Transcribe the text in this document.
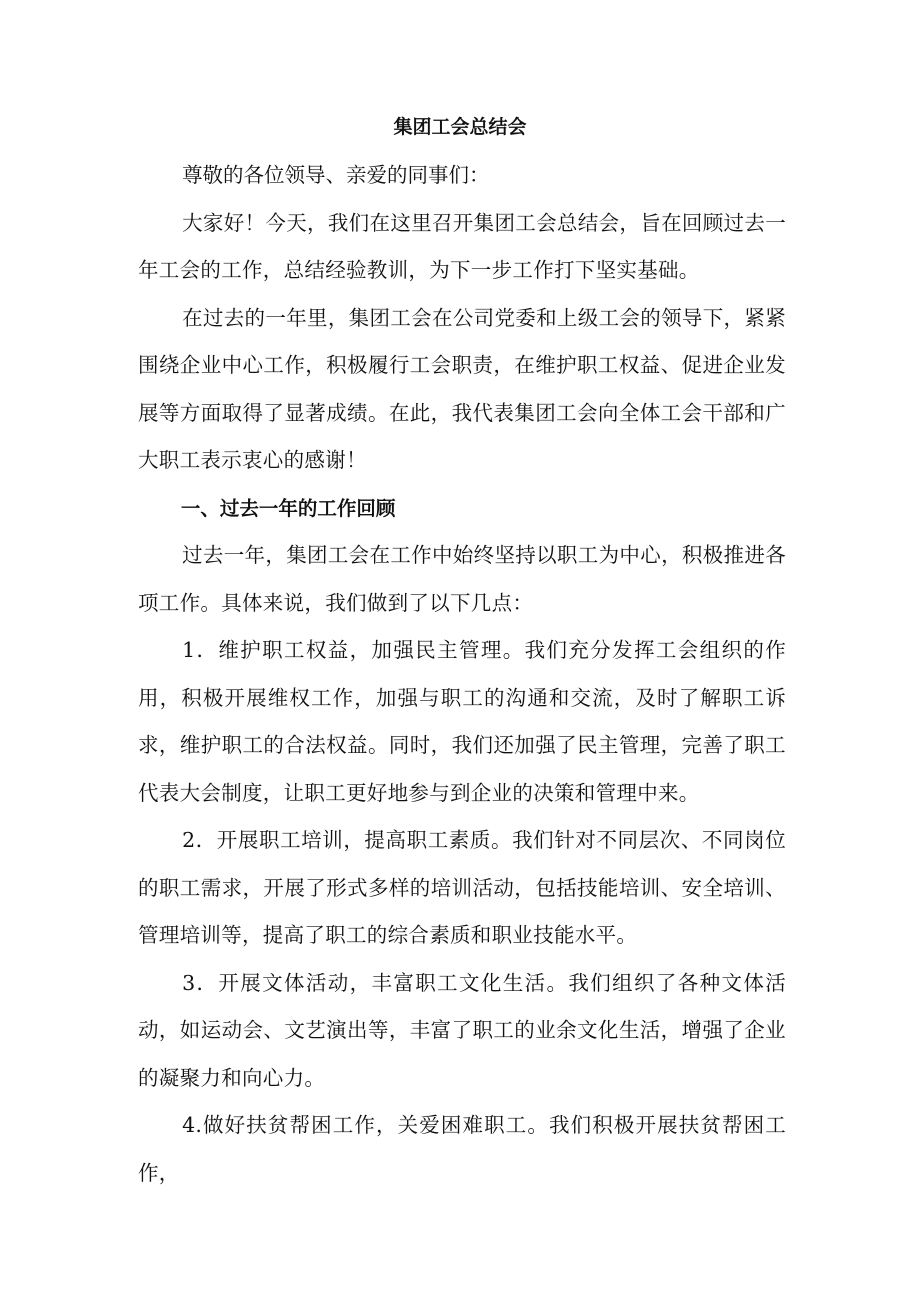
集团工会总结会

尊敬的各位领导、亲爱的同事们：

大家好！今天，我们在这里召开集团工会总结会，旨在回顾过去一年工会的工作，总结经验教训，为下一步工作打下坚实基础。

在过去的一年里，集团工会在公司党委和上级工会的领导下，紧紧围绕企业中心工作，积极履行工会职责，在维护职工权益、促进企业发展等方面取得了显著成绩。在此，我代表集团工会向全体工会干部和广大职工表示衷心的感谢！

一、过去一年的工作回顾

过去一年，集团工会在工作中始终坚持以职工为中心，积极推进各项工作。具体来说，我们做到了以下几点：

1．维护职工权益，加强民主管理。我们充分发挥工会组织的作用，积极开展维权工作，加强与职工的沟通和交流，及时了解职工诉求，维护职工的合法权益。同时，我们还加强了民主管理，完善了职工代表大会制度，让职工更好地参与到企业的决策和管理中来。

2．开展职工培训，提高职工素质。我们针对不同层次、不同岗位的职工需求，开展了形式多样的培训活动，包括技能培训、安全培训、管理培训等，提高了职工的综合素质和职业技能水平。

3．开展文体活动，丰富职工文化生活。我们组织了各种文体活动，如运动会、文艺演出等，丰富了职工的业余文化生活，增强了企业的凝聚力和向心力。

4.做好扶贫帮困工作，关爱困难职工。我们积极开展扶贫帮困工作，
